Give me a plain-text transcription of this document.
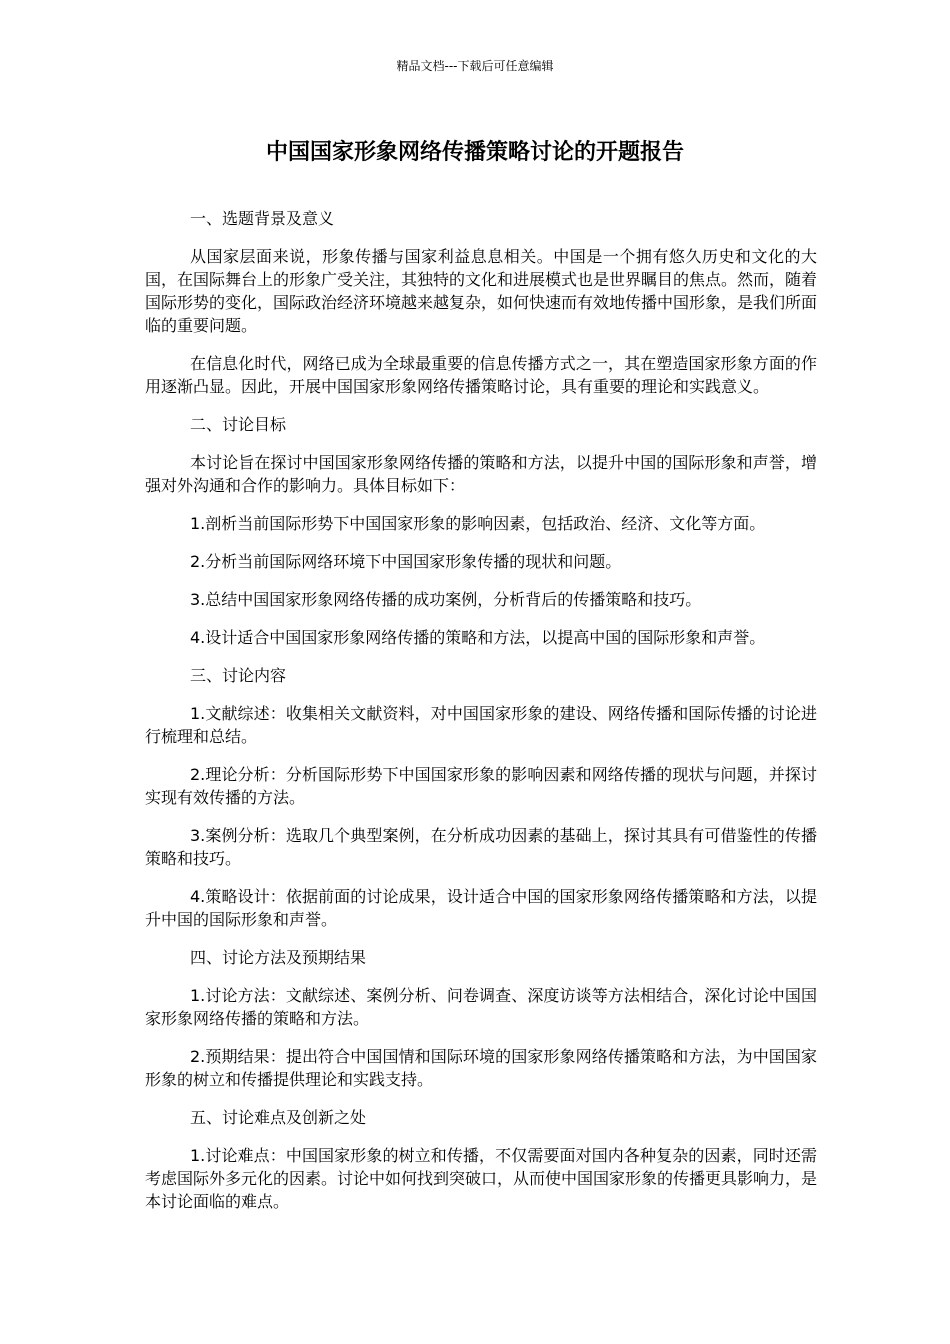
精品文档---下载后可任意编辑
中国国家形象网络传播策略讨论的开题报告

一、选题背景及意义

从国家层面来说，形象传播与国家利益息息相关。中国是一个拥有悠久历史和文化的大国，在国际舞台上的形象广受关注，其独特的文化和进展模式也是世界瞩目的焦点。然而，随着国际形势的变化，国际政治经济环境越来越复杂，如何快速而有效地传播中国形象，是我们所面临的重要问题。

在信息化时代，网络已成为全球最重要的信息传播方式之一，其在塑造国家形象方面的作用逐渐凸显。因此，开展中国国家形象网络传播策略讨论，具有重要的理论和实践意义。

二、讨论目标

本讨论旨在探讨中国国家形象网络传播的策略和方法，以提升中国的国际形象和声誉，增强对外沟通和合作的影响力。具体目标如下：

1.剖析当前国际形势下中国国家形象的影响因素，包括政治、经济、文化等方面。

2.分析当前国际网络环境下中国国家形象传播的现状和问题。

3.总结中国国家形象网络传播的成功案例，分析背后的传播策略和技巧。

4.设计适合中国国家形象网络传播的策略和方法，以提高中国的国际形象和声誉。

三、讨论内容

1.文献综述：收集相关文献资料，对中国国家形象的建设、网络传播和国际传播的讨论进行梳理和总结。

2.理论分析：分析国际形势下中国国家形象的影响因素和网络传播的现状与问题，并探讨实现有效传播的方法。

3.案例分析：选取几个典型案例，在分析成功因素的基础上，探讨其具有可借鉴性的传播策略和技巧。

4.策略设计：依据前面的讨论成果，设计适合中国的国家形象网络传播策略和方法，以提升中国的国际形象和声誉。

四、讨论方法及预期结果

1.讨论方法：文献综述、案例分析、问卷调查、深度访谈等方法相结合，深化讨论中国国家形象网络传播的策略和方法。

2.预期结果：提出符合中国国情和国际环境的国家形象网络传播策略和方法，为中国国家形象的树立和传播提供理论和实践支持。

五、讨论难点及创新之处

1.讨论难点：中国国家形象的树立和传播，不仅需要面对国内各种复杂的因素，同时还需考虑国际外多元化的因素。讨论中如何找到突破口，从而使中国国家形象的传播更具影响力，是本讨论面临的难点。
